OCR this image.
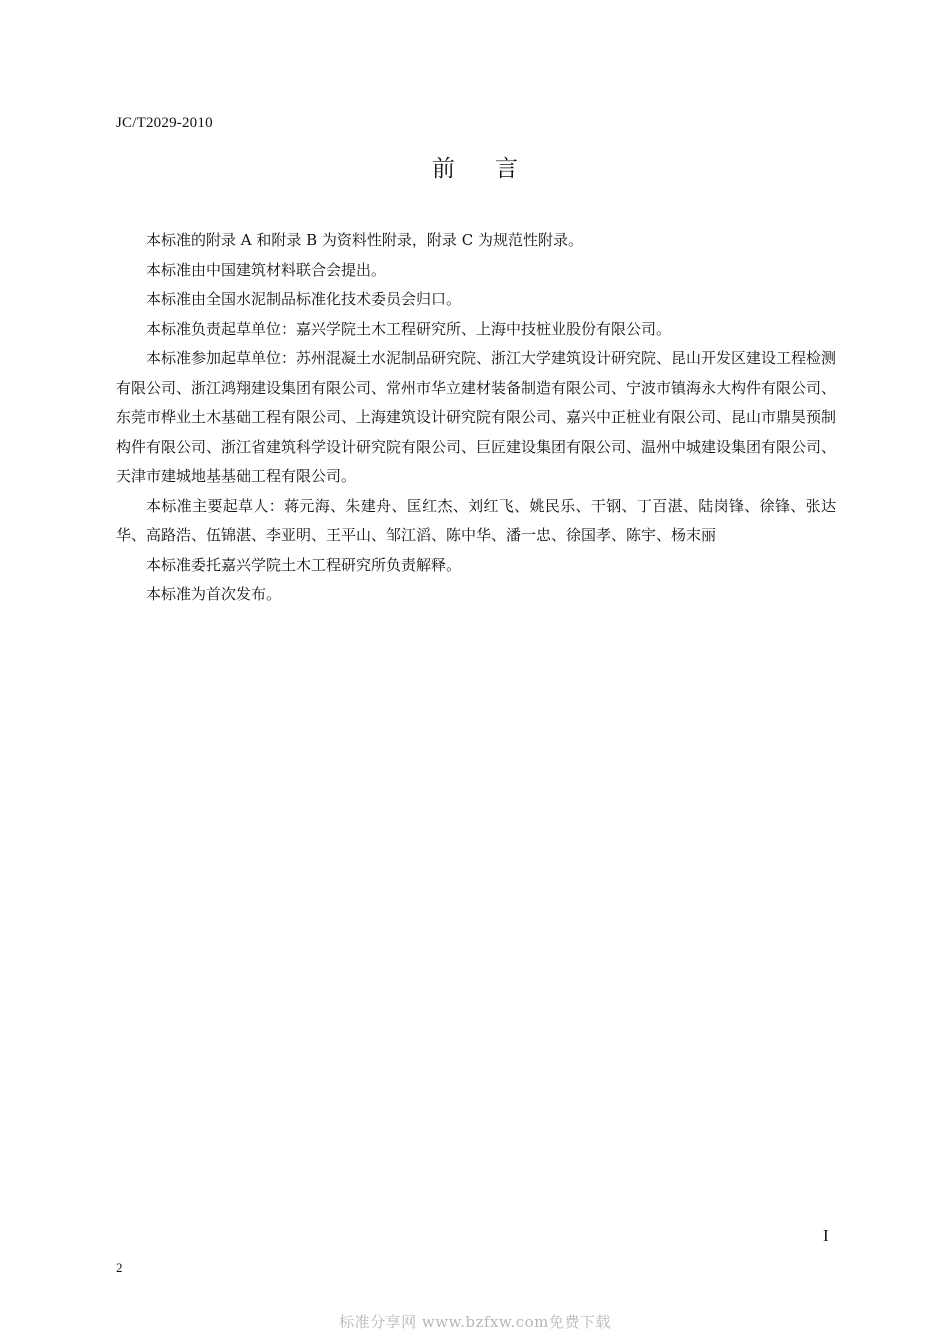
JC/T2029-2010
前言

本标准的附录 A 和附录 B 为资料性附录，附录 C 为规范性附录。

本标准由中国建筑材料联合会提出。

本标准由全国水泥制品标准化技术委员会归口。

本标准负责起草单位：嘉兴学院土木工程研究所、上海中技桩业股份有限公司。

本标准参加起草单位：苏州混凝土水泥制品研究院、浙江大学建筑设计研究院、昆山开发区建设工程检测有限公司、浙江鸿翔建设集团有限公司、常州市华立建材装备制造有限公司、宁波市镇海永大构件有限公司、东莞市桦业土木基础工程有限公司、上海建筑设计研究院有限公司、嘉兴中正桩业有限公司、昆山市鼎昊预制构件有限公司、浙江省建筑科学设计研究院有限公司、巨匠建设集团有限公司、温州中城建设集团有限公司、天津市建城地基基础工程有限公司。

本标准主要起草人：蒋元海、朱建舟、匡红杰、刘红飞、姚民乐、干钢、丁百湛、陆岗锋、徐锋、张达华、高路浩、伍锦湛、李亚明、王平山、邹江滔、陈中华、潘一忠、徐国孝、陈宇、杨末丽

本标准委托嘉兴学院土木工程研究所负责解释。

本标准为首次发布。

I
2
标准分享网 www.bzfxw.com免费下载
